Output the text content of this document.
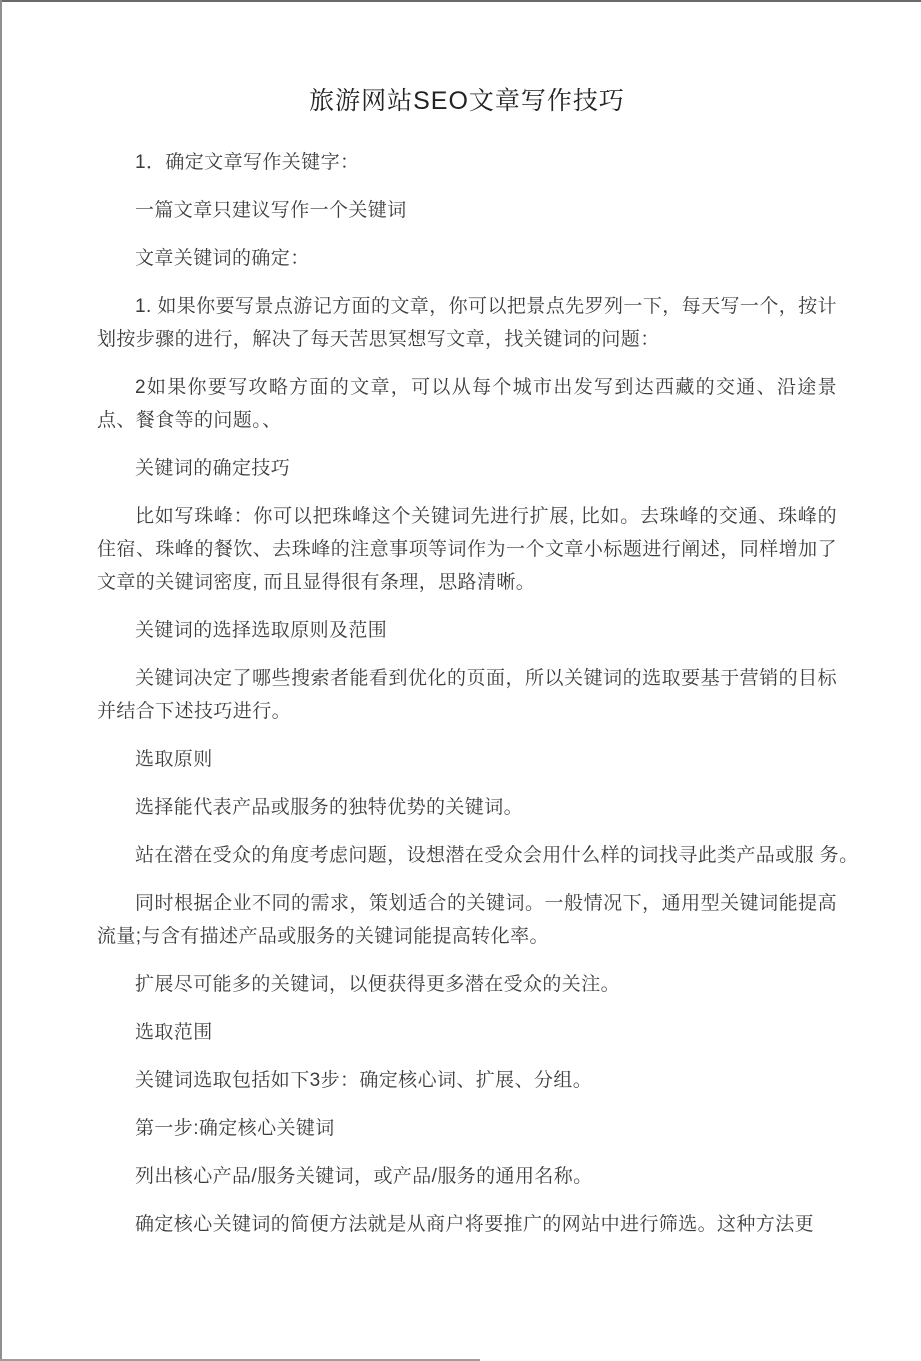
旅游网站SEO文章写作技巧

1．确定文章写作关键字：

一篇文章只建议写作一个关键词

文章关键词的确定：

1. 如果你要写景点游记方面的文章，你可以把景点先罗列一下，每天写一个，按计划按步骤的进行，解决了每天苦思冥想写文章，找关键词的问题：

2如果你要写攻略方面的文章，可以从每个城市出发写到达西藏的交通、沿途景点、餐食等的问题。、

关键词的确定技巧

比如写珠峰：你可以把珠峰这个关键词先进行扩展, 比如。去珠峰的交通、珠峰的住宿、珠峰的餐饮、去珠峰的注意事项等词作为一个文章小标题进行阐述，同样增加了文章的关键词密度, 而且显得很有条理，思路清晰。

关键词的选择选取原则及范围

关键词决定了哪些搜索者能看到优化的页面，所以关键词的选取要基于营销的目标并结合下述技巧进行。

选取原则

选择能代表产品或服务的独特优势的关键词。

站在潜在受众的角度考虑问题，设想潜在受众会用什么样的词找寻此类产品或服 务。

同时根据企业不同的需求，策划适合的关键词。一般情况下，通用型关键词能提高流量;与含有描述产品或服务的关键词能提高转化率。

扩展尽可能多的关键词，以便获得更多潜在受众的关注。

选取范围

关键词选取包括如下3步：确定核心词、扩展、分组。

第一步:确定核心关键词

列出核心产品/服务关键词，或产品/服务的通用名称。

确定核心关键词的简便方法就是从商户将要推广的网站中进行筛选。这种方法更
